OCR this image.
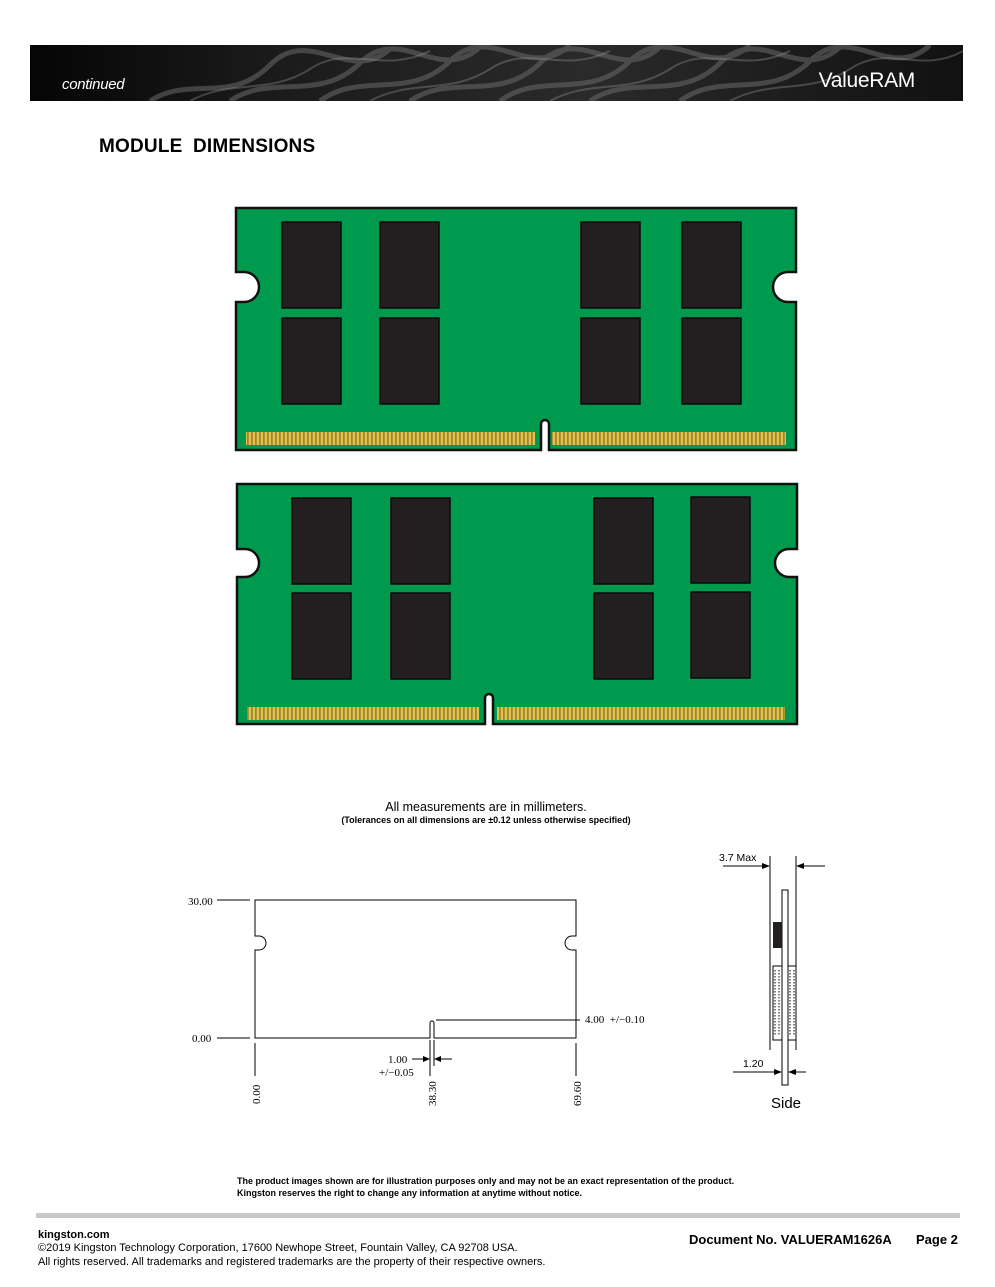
continued	ValueRAM
MODULE DIMENSIONS
All measurements are in millimeters.
(Tolerances on all dimensions are ±0.12 unless otherwise specified)
30.00
0.00
4.00  +/−0.10
1.00
+/−0.05
0.00	38.30	69.60
3.7 Max
1.20
Side
The product images shown are for illustration purposes only and may not be an exact representation of the product.
Kingston reserves the right to change any information at anytime without notice.
kingston.com
©2019 Kingston Technology Corporation, 17600 Newhope Street, Fountain Valley, CA 92708 USA.
All rights reserved. All trademarks and registered trademarks are the property of their respective owners.
Document No. VALUERAM1626A Page 2
